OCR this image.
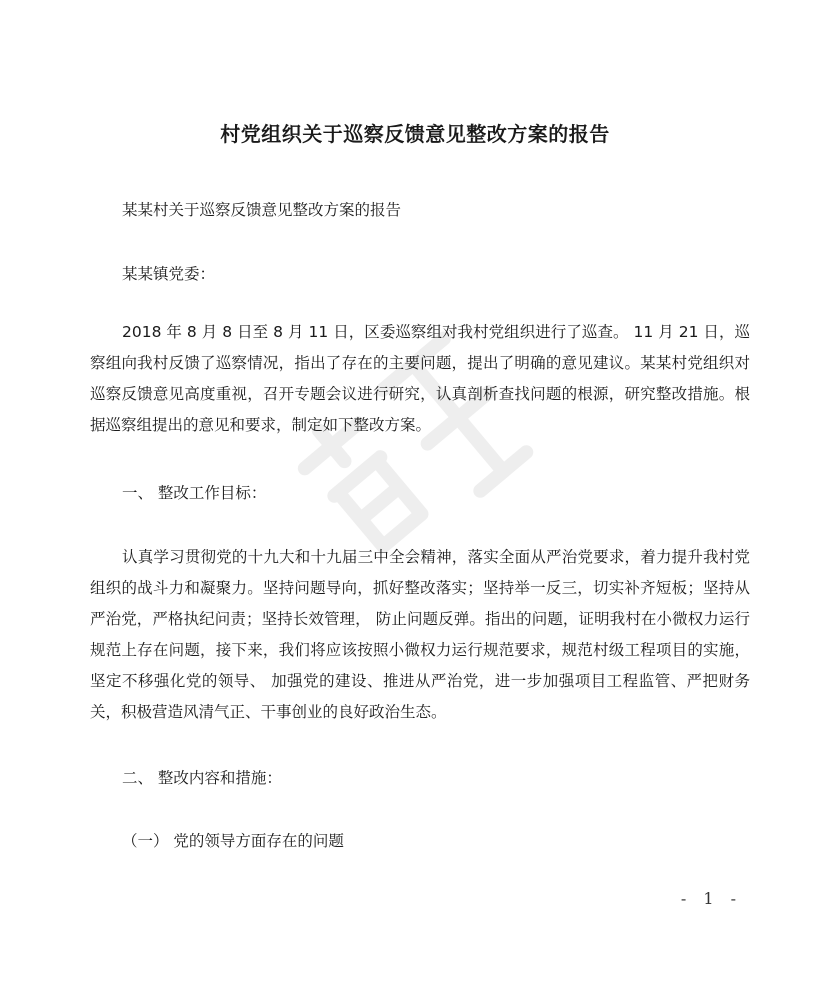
村党组织关于巡察反馈意见整改方案的报告
某某村关于巡察反馈意见整改方案的报告
某某镇党委：
2018 年 8 月 8 日至 8 月 11 日，区委巡察组对我村党组织进行了巡查。 11 月 21 日，巡察组向我村反馈了巡察情况，指出了存在的主要问题，提出了明确的意见建议。某某村党组织对巡察反馈意见高度重视，召开专题会议进行研究，认真剖析查找问题的根源，研究整改措施。根据巡察组提出的意见和要求，制定如下整改方案。
一、 整改工作目标：
认真学习贯彻党的十九大和十九届三中全会精神，落实全面从严治党要求，着力提升我村党组织的战斗力和凝聚力。坚持问题导向，抓好整改落实；坚持举一反三，切实补齐短板；坚持从严治党，严格执纪问责；坚持长效管理， 防止问题反弹。指出的问题，证明我村在小微权力运行规范上存在问题，接下来，我们将应该按照小微权力运行规范要求，规范村级工程项目的实施，坚定不移强化党的领导、 加强党的建设、推进从严治党，进一步加强项目工程监管、严把财务关，积极营造风清气正、干事创业的良好政治生态。
二、 整改内容和措施：
（一） 党的领导方面存在的问题
- 1 -
